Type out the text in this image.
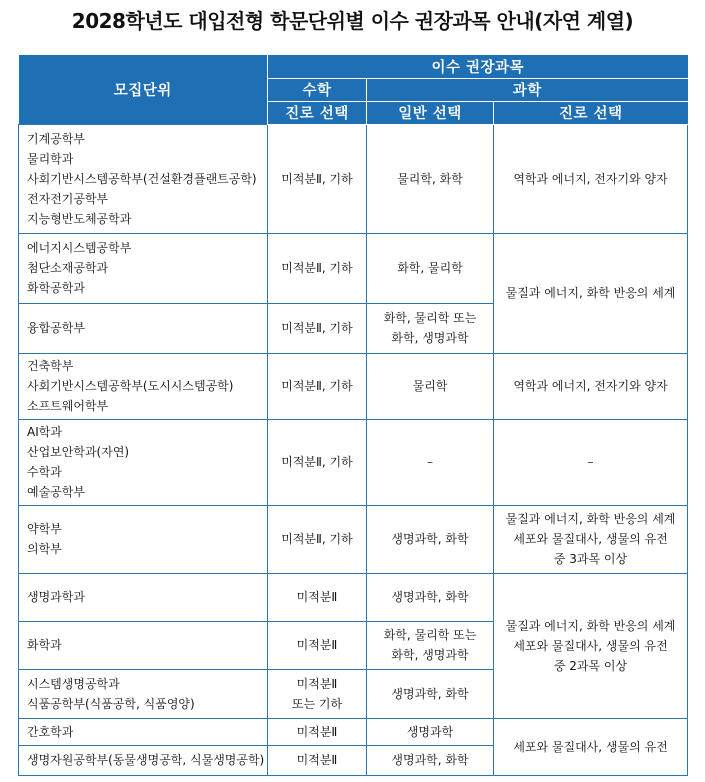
2028학년도 대입전형 학문단위별 이수 권장과목 안내(자연 계열)
모집단위	이수 권장과목		
	수학	과학	
	진로 선택	일반 선택	진로 선택

기계공학부
물리학과
사회기반시스템공학부(건설환경플랜트공학)
전자전기공학부
지능형반도체공학과	미적분Ⅱ, 기하	물리학, 화학	역학과 에너지, 전자기와 양자

에너지시스템공학부
첨단소재공학과
화학공학과	미적분Ⅱ, 기하	화학, 물리학	물질과 에너지, 화학 반응의 세계

융합공학부	미적분Ⅱ, 기하	화학, 물리학 또는
화학, 생명과학	

건축학부
사회기반시스템공학부(도시시스템공학)
소프트웨어학부	미적분Ⅱ, 기하	물리학	역학과 에너지, 전자기와 양자

AI학과
산업보안학과(자연)
수학과
예술공학부	미적분Ⅱ, 기하	–	–

약학부
의학부	미적분Ⅱ, 기하	생명과학, 화학	물질과 에너지, 화학 반응의 세계
세포와 물질대사, 생물의 유전
중 3과목 이상

생명과학과	미적분Ⅱ	생명과학, 화학	물질과 에너지, 화학 반응의 세계
세포와 물질대사, 생물의 유전
중 2과목 이상

화학과	미적분Ⅱ	화학, 물리학 또는
화학, 생명과학	

시스템생명공학과
식품공학부(식품공학, 식품영양)	미적분Ⅱ
또는 기하	생명과학, 화학	

간호학과	미적분Ⅱ	생명과학	세포와 물질대사, 생물의 유전

생명자원공학부(동물생명공학, 식물생명공학)	미적분Ⅱ	생명과학, 화학	
